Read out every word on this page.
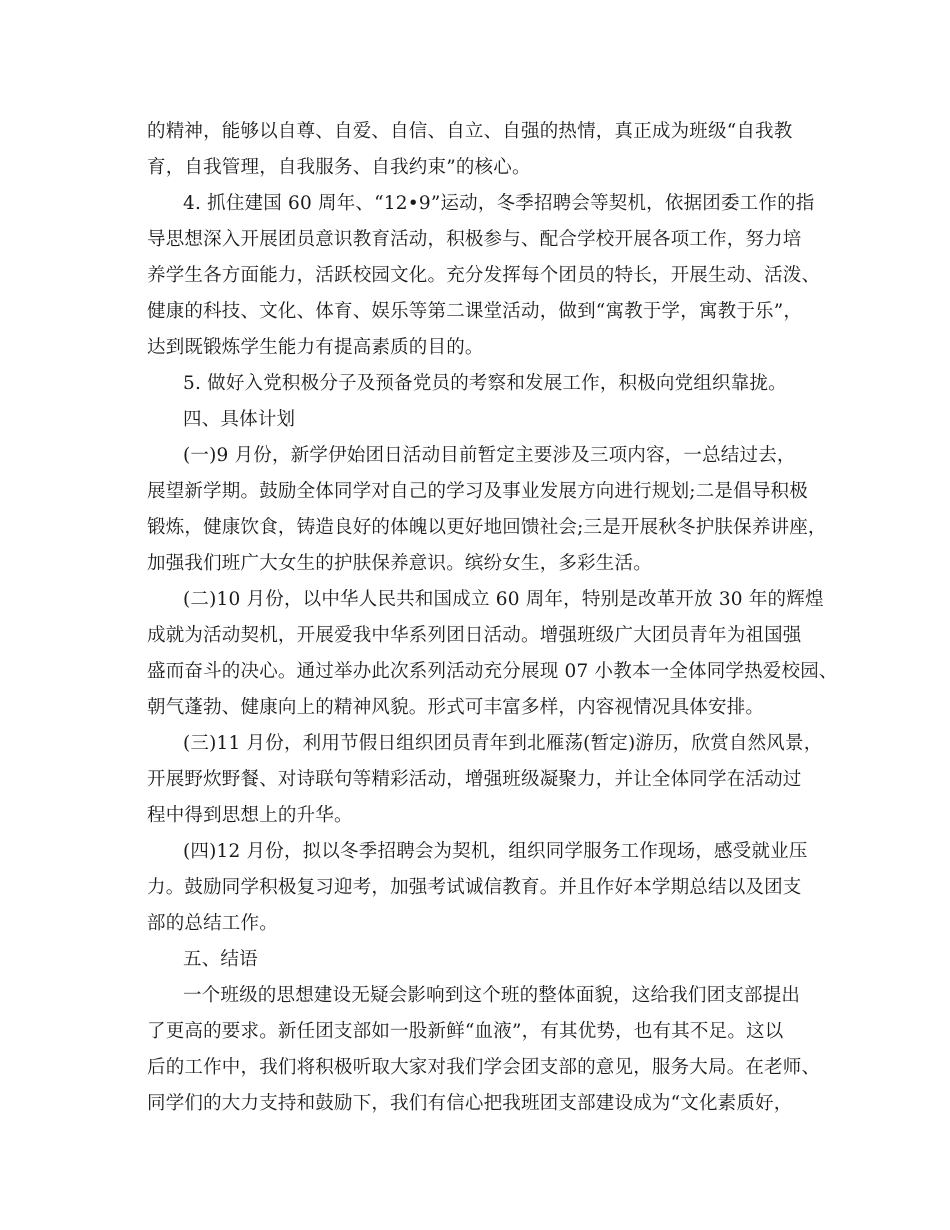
的精神，能够以自尊、自爱、自信、自立、自强的热情，真正成为班级“自我教
育，自我管理，自我服务、自我约束”的核心。
4. 抓住建国 60 周年、“12•9”运动，冬季招聘会等契机，依据团委工作的指
导思想深入开展团员意识教育活动，积极参与、配合学校开展各项工作，努力培
养学生各方面能力，活跃校园文化。充分发挥每个团员的特长，开展生动、活泼、
健康的科技、文化、体育、娱乐等第二课堂活动，做到“寓教于学，寓教于乐”，
达到既锻炼学生能力有提高素质的目的。
5. 做好入党积极分子及预备党员的考察和发展工作，积极向党组织靠拢。
四、具体计划
(一)9 月份，新学伊始团日活动目前暂定主要涉及三项内容，一总结过去，
展望新学期。鼓励全体同学对自己的学习及事业发展方向进行规划;二是倡导积极
锻炼，健康饮食，铸造良好的体魄以更好地回馈社会;三是开展秋冬护肤保养讲座，
加强我们班广大女生的护肤保养意识。缤纷女生，多彩生活。
(二)10 月份，以中华人民共和国成立 60 周年，特别是改革开放 30 年的辉煌
成就为活动契机，开展爱我中华系列团日活动。增强班级广大团员青年为祖国强
盛而奋斗的决心。通过举办此次系列活动充分展现 07 小教本一全体同学热爱校园、
朝气蓬勃、健康向上的精神风貌。形式可丰富多样，内容视情况具体安排。
(三)11 月份，利用节假日组织团员青年到北雁荡(暂定)游历，欣赏自然风景，
开展野炊野餐、对诗联句等精彩活动，增强班级凝聚力，并让全体同学在活动过
程中得到思想上的升华。
(四)12 月份，拟以冬季招聘会为契机，组织同学服务工作现场，感受就业压
力。鼓励同学积极复习迎考，加强考试诚信教育。并且作好本学期总结以及团支
部的总结工作。
五、结语
一个班级的思想建设无疑会影响到这个班的整体面貌，这给我们团支部提出
了更高的要求。新任团支部如一股新鲜“血液”，有其优势，也有其不足。这以
后的工作中，我们将积极听取大家对我们学会团支部的意见，服务大局。在老师、
同学们的大力支持和鼓励下，我们有信心把我班团支部建设成为“文化素质好，
